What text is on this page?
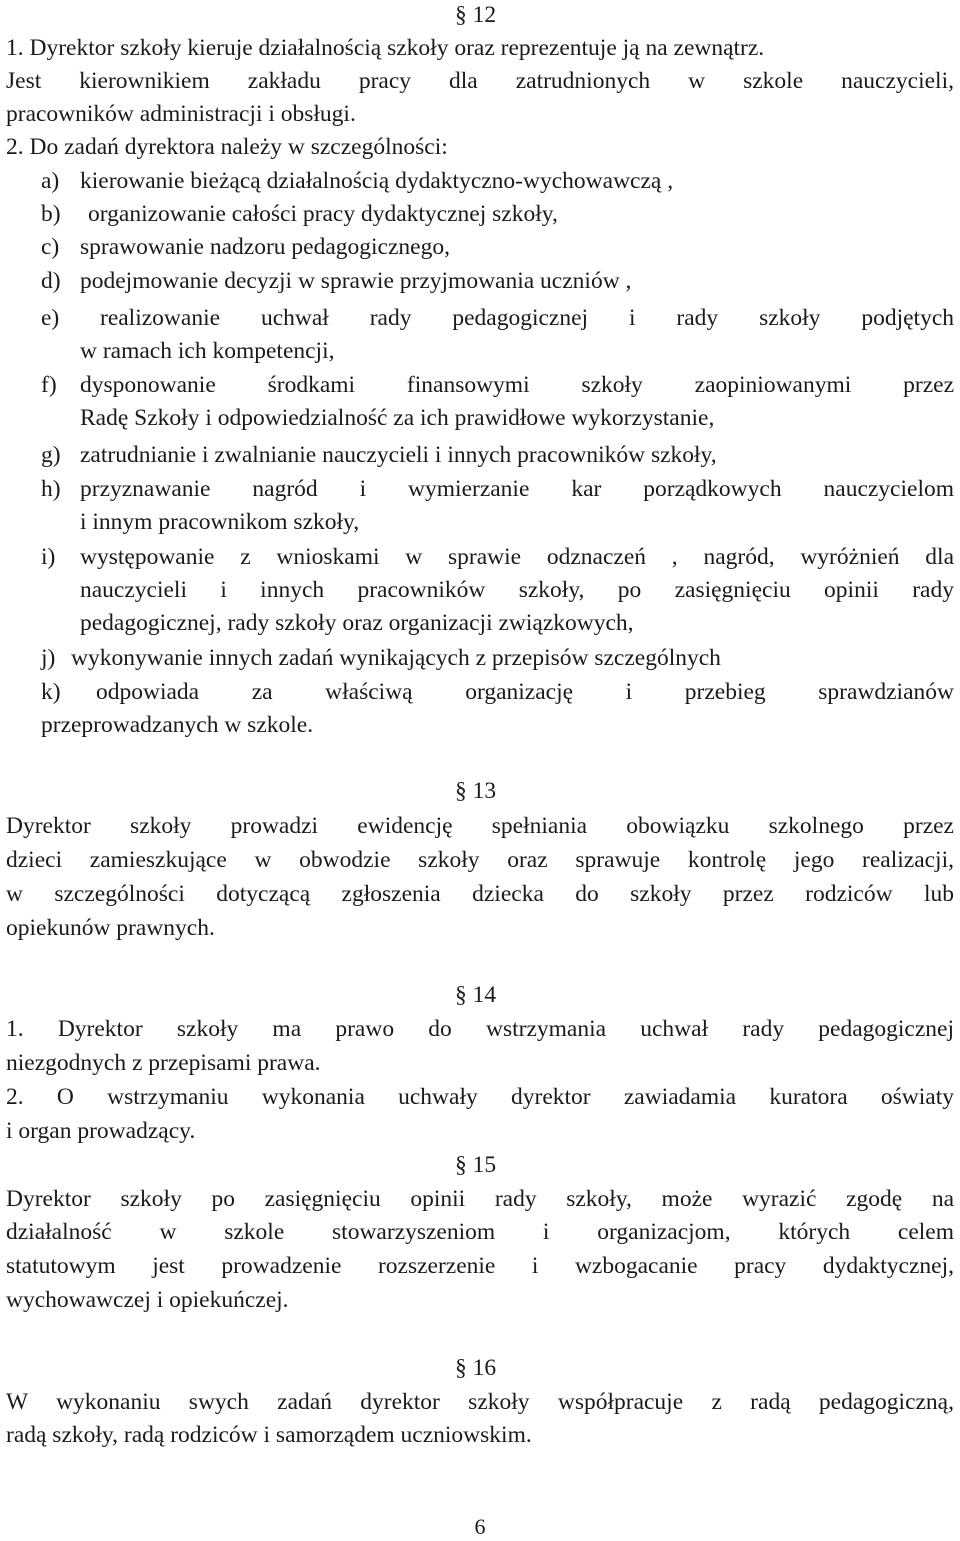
§ 12
1. Dyrektor szkoły kieruje działalnością szkoły oraz reprezentuje ją na zewnątrz.
Jest kierownikiem zakładu pracy dla zatrudnionych w szkole nauczycieli,
pracowników administracji i obsługi.
2. Do zadań dyrektora należy w szczególności:
a) kierowanie bieżącą działalnością dydaktyczno-wychowawczą ,
b) organizowanie całości pracy dydaktycznej szkoły,
c) sprawowanie nadzoru pedagogicznego,
d) podejmowanie decyzji w sprawie przyjmowania uczniów ,
e) realizowanie uchwał rady pedagogicznej i rady szkoły podjętych
w ramach ich kompetencji,
f) dysponowanie środkami finansowymi szkoły zaopiniowanymi przez
Radę Szkoły i odpowiedzialność za ich prawidłowe wykorzystanie,
g) zatrudnianie i zwalnianie nauczycieli i innych pracowników szkoły,
h) przyznawanie nagród i wymierzanie kar porządkowych nauczycielom
i innym pracownikom szkoły,
i) występowanie z wnioskami w sprawie odznaczeń , nagród, wyróżnień dla
nauczycieli i innych pracowników szkoły, po zasięgnięciu opinii rady
pedagogicznej, rady szkoły oraz organizacji związkowych,
j) wykonywanie innych zadań wynikających z przepisów szczególnych
k) odpowiada za właściwą organizację i przebieg sprawdzianów
przeprowadzanych w szkole.
§ 13
Dyrektor szkoły prowadzi ewidencję spełniania obowiązku szkolnego przez
dzieci zamieszkujące w obwodzie szkoły oraz sprawuje kontrolę jego realizacji,
w szczególności dotyczącą zgłoszenia dziecka do szkoły przez rodziców lub
opiekunów prawnych.
§ 14
1. Dyrektor szkoły ma prawo do wstrzymania uchwał rady pedagogicznej
niezgodnych z przepisami prawa.
2. O wstrzymaniu wykonania uchwały dyrektor zawiadamia kuratora oświaty
i organ prowadzący.
§ 15
Dyrektor szkoły po zasięgnięciu opinii rady szkoły, może wyrazić zgodę na
działalność w szkole stowarzyszeniom i organizacjom, których celem
statutowym jest prowadzenie rozszerzenie i wzbogacanie pracy dydaktycznej,
wychowawczej i opiekuńczej.
§ 16
W wykonaniu swych zadań dyrektor szkoły współpracuje z radą pedagogiczną,
radą szkoły, radą rodziców i samorządem uczniowskim.
6
